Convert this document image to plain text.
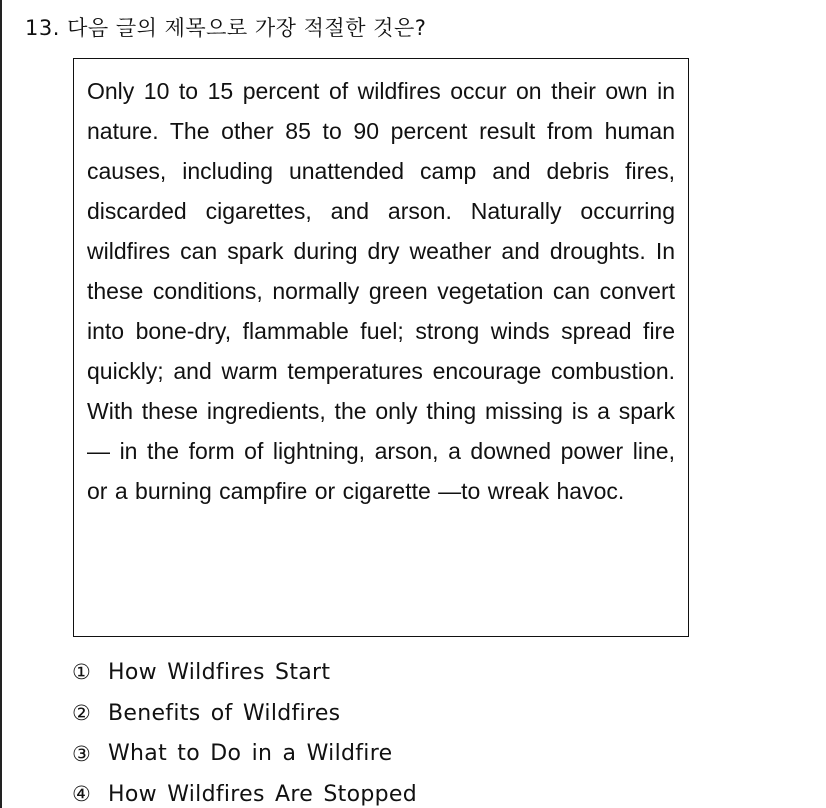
13. 다음 글의 제목으로 가장 적절한 것은?

Only 10 to 15 percent of wildfires occur on their own in nature. The other 85 to 90 percent result from human causes, including unattended camp and debris fires, discarded cigarettes, and arson. Naturally occurring wildfires can spark during dry weather and droughts. In these conditions, normally green vegetation can convert into bone-dry, flammable fuel; strong winds spread fire quickly; and warm temperatures encourage combustion. With these ingredients, the only thing missing is a spark — in the form of lightning, arson, a downed power line, or a burning campfire or cigarette —to wreak havoc.

① How Wildfires Start
② Benefits of Wildfires
③ What to Do in a Wildfire
④ How Wildfires Are Stopped
